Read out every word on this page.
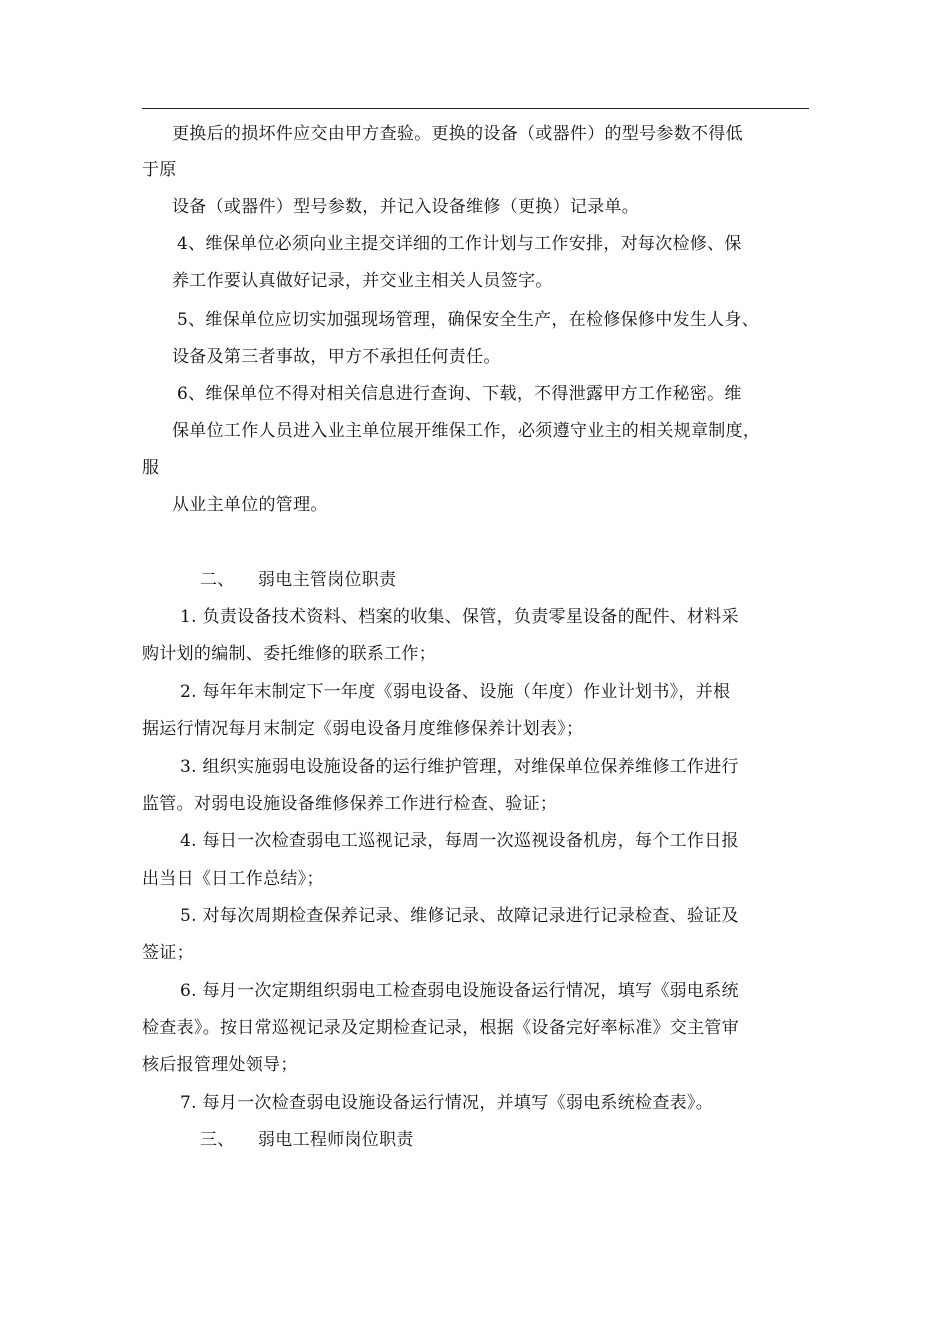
更换后的损坏件应交由甲方查验。更换的设备（或器件）的型号参数不得低
于原
设备（或器件）型号参数，并记入设备维修（更换）记录单。
4、维保单位必须向业主提交详细的工作计划与工作安排，对每次检修、保
养工作要认真做好记录，并交业主相关人员签字。
5、维保单位应切实加强现场管理，确保安全生产，在检修保修中发生人身、
设备及第三者事故，甲方不承担任何责任。
6、维保单位不得对相关信息进行查询、下载，不得泄露甲方工作秘密。维
保单位工作人员进入业主单位展开维保工作，必须遵守业主的相关规章制度，
服
从业主单位的管理。
二、 弱电主管岗位职责
1. 负责设备技术资料、档案的收集、保管，负责零星设备的配件、材料采
购计划的编制、委托维修的联系工作；
2. 每年年末制定下一年度《弱电设备、设施（年度）作业计划书》，并根
据运行情况每月末制定《弱电设备月度维修保养计划表》；
3. 组织实施弱电设施设备的运行维护管理，对维保单位保养维修工作进行
监管。对弱电设施设备维修保养工作进行检查、验证；
4. 每日一次检查弱电工巡视记录，每周一次巡视设备机房，每个工作日报
出当日《日工作总结》；
5. 对每次周期检查保养记录、维修记录、故障记录进行记录检查、验证及
签证；
6. 每月一次定期组织弱电工检查弱电设施设备运行情况，填写《弱电系统
检查表》。按日常巡视记录及定期检查记录，根据《设备完好率标准》交主管审
核后报管理处领导；
7. 每月一次检查弱电设施设备运行情况，并填写《弱电系统检查表》。
三、 弱电工程师岗位职责
